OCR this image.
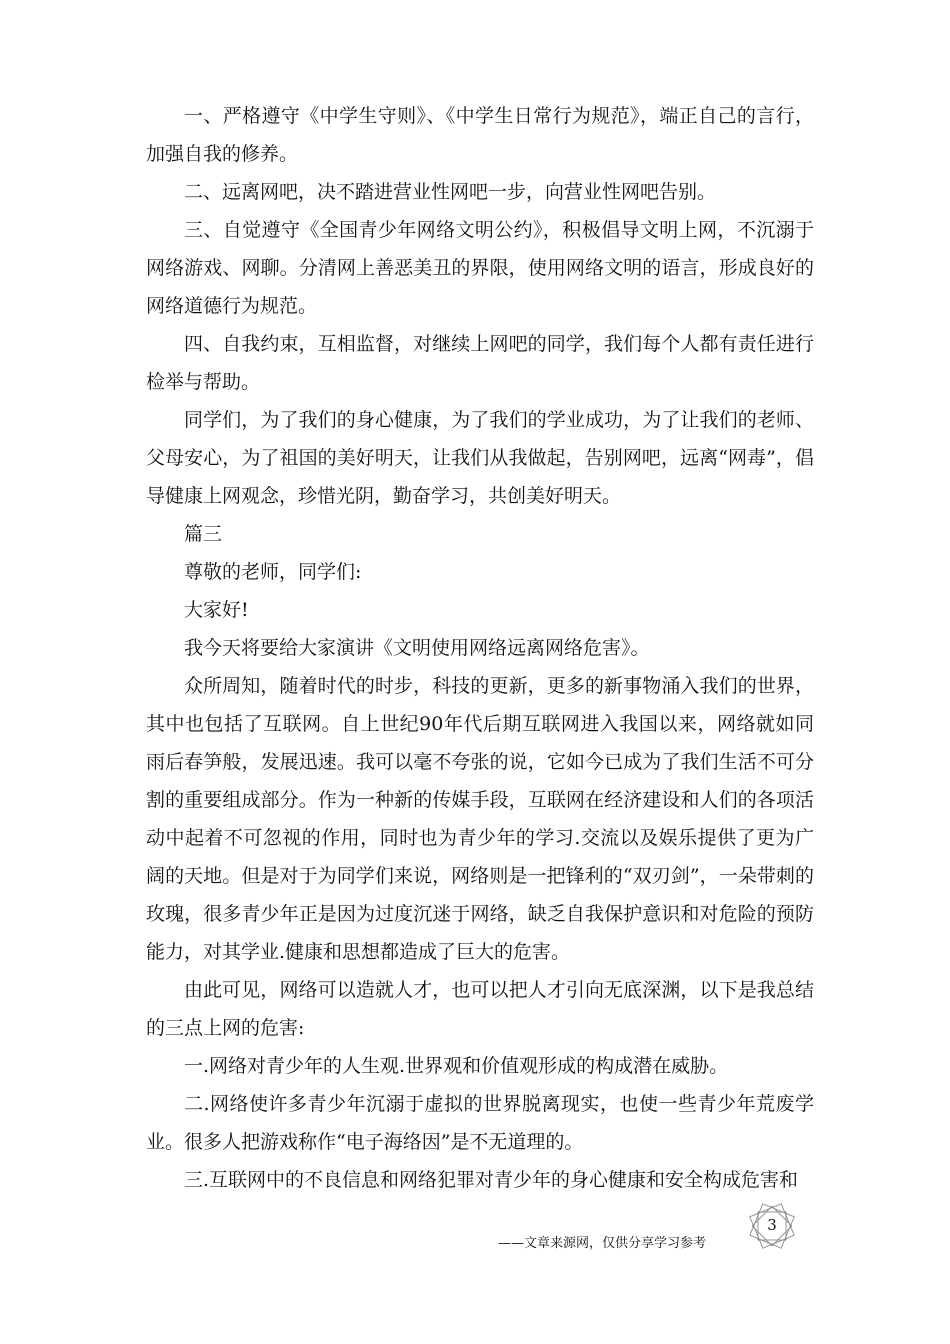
一、严格遵守《中学生守则》、《中学生日常行为规范》，端正自己的言行，加强自我的修养。

二、远离网吧，决不踏进营业性网吧一步，向营业性网吧告别。

三、自觉遵守《全国青少年网络文明公约》，积极倡导文明上网，不沉溺于网络游戏、网聊。分清网上善恶美丑的界限，使用网络文明的语言，形成良好的网络道德行为规范。

四、自我约束，互相监督，对继续上网吧的同学，我们每个人都有责任进行检举与帮助。

同学们，为了我们的身心健康，为了我们的学业成功，为了让我们的老师、父母安心，为了祖国的美好明天，让我们从我做起，告别网吧，远离“网毒”，倡导健康上网观念，珍惜光阴，勤奋学习，共创美好明天。

篇三

尊敬的老师，同学们:

大家好!

我今天将要给大家演讲《文明使用网络远离网络危害》。

众所周知，随着时代的时步，科技的更新，更多的新事物涌入我们的世界，其中也包括了互联网。自上世纪90年代后期互联网进入我国以来，网络就如同雨后春笋般，发展迅速。我可以毫不夸张的说，它如今已成为了我们生活不可分割的重要组成部分。作为一种新的传媒手段，互联网在经济建设和人们的各项活动中起着不可忽视的作用，同时也为青少年的学习.交流以及娱乐提供了更为广阔的天地。但是对于为同学们来说，网络则是一把锋利的“双刃剑”，一朵带刺的玫瑰，很多青少年正是因为过度沉迷于网络，缺乏自我保护意识和对危险的预防能力，对其学业.健康和思想都造成了巨大的危害。

由此可见，网络可以造就人才，也可以把人才引向无底深渊，以下是我总结的三点上网的危害:

一.网络对青少年的人生观.世界观和价值观形成的构成潜在威胁。

二.网络使许多青少年沉溺于虚拟的世界脱离现实，也使一些青少年荒废学业。很多人把游戏称作“电子海络因”是不无道理的。

三.互联网中的不良信息和网络犯罪对青少年的身心健康和安全构成危害和

——文章来源网，仅供分享学习参考
3
